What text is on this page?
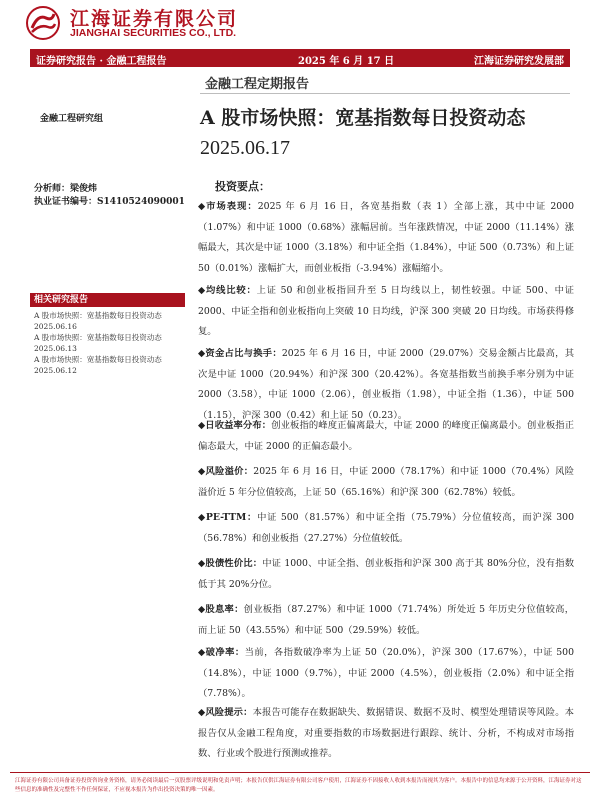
江海证券有限公司
JIANGHAI SECURITIES CO., LTD.
证券研究报告 · 金融工程报告	2025 年 6 月 17 日	江海证券研究发展部
金融工程定期报告
A 股市场快照：宽基指数每日投资动态
2025.06.17
金融工程研究组
分析师：梁俊炜
执业证书编号：S1410524090001
相关研究报告

A 股市场快照：宽基指数每日投资动态 2025.06.16

A 股市场快照：宽基指数每日投资动态 2025.06.13

A 股市场快照：宽基指数每日投资动态 2025.06.12

投资要点：
◆市场表现：2025 年 6 月 16 日，各宽基指数（表 1）全部上涨，其中中证 2000（1.07%）和中证 1000（0.68%）涨幅居前。当年涨跌情况，中证 2000（11.14%）涨幅最大，其次是中证 1000（3.18%）和中证全指（1.84%），中证 500（0.73%）和上证 50（0.01%）涨幅扩大，而创业板指（-3.94%）涨幅缩小。
◆均线比较：上证 50 和创业板指回升至 5 日均线以上，韧性较强。中证 500、中证 2000、中证全指和创业板指向上突破 10 日均线，沪深 300 突破 20 日均线。市场获得修复。
◆资金占比与换手：2025 年 6 月 16 日，中证 2000（29.07%）交易金额占比最高，其次是中证 1000（20.94%）和沪深 300（20.42%）。各宽基指数当前换手率分别为中证 2000（3.58），中证 1000（2.06），创业板指（1.98），中证全指（1.36），中证 500（1.15），沪深 300（0.42）和上证 50（0.23）。
◆日收益率分布：创业板指的峰度正偏离最大，中证 2000 的峰度正偏离最小。创业板指正偏态最大，中证 2000 的正偏态最小。
◆风险溢价：2025 年 6 月 16 日，中证 2000（78.17%）和中证 1000（70.4%）风险溢价近 5 年分位值较高，上证 50（65.16%）和沪深 300（62.78%）较低。
◆PE-TTM：中证 500（81.57%）和中证全指（75.79%）分位值较高，而沪深 300（56.78%）和创业板指（27.27%）分位值较低。
◆股债性价比：中证 1000、中证全指、创业板指和沪深 300 高于其 80%分位，没有指数低于其 20%分位。
◆股息率：创业板指（87.27%）和中证 1000（71.74%）所处近 5 年历史分位值较高，而上证 50（43.55%）和中证 500（29.59%）较低。
◆破净率：当前，各指数破净率为上证 50（20.0%），沪深 300（17.67%），中证 500（14.8%），中证 1000（9.7%），中证 2000（4.5%），创业板指（2.0%）和中证全指（7.78%）。
◆风险提示：本报告可能存在数据缺失、数据错误、数据不及时、模型处理错误等风险。本报告仅从金融工程角度，对重要指数的市场数据进行跟踪、统计、分析，不构成对市场指数、行业或个股进行预测或推荐。
江海证券有限公司具备证券投资咨询业务资格，请务必阅读最后一页股票评级说明和免责声明；本报告仅供江海证券有限公司客户使用，江海证券不因接收人收到本报告而视其为客户。本报告中的信息均来源于公开资料，江海证券对这些信息的准确性及完整性不作任何保证，不应视本报告为作出投资决策的唯一因素。
